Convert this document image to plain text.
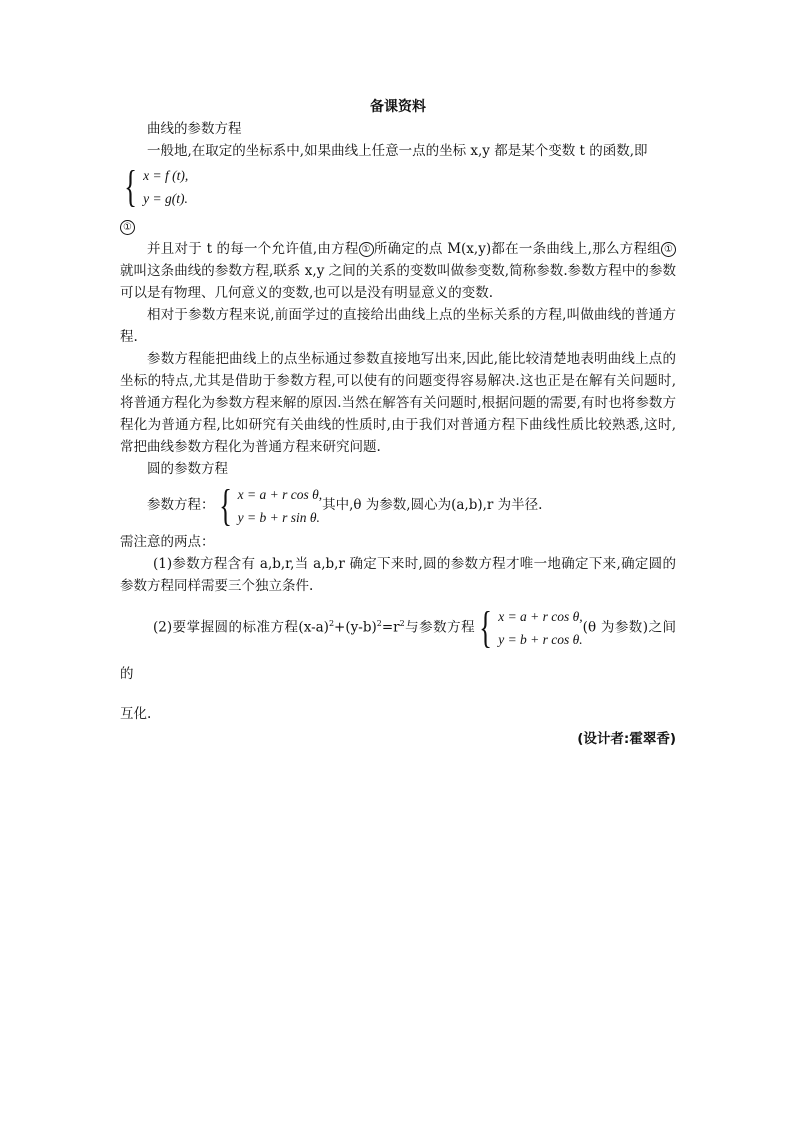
备课资料

曲线的参数方程

一般地,在取定的坐标系中,如果曲线上任意一点的坐标 x,y 都是某个变数 t 的函数,即

{ x = f (t),
y = g(t).

①

并且对于 t 的每一个允许值,由方程 ① 所确定的点 M(x,y)都在一条曲线上,那么方程组 ①就叫这条曲线的参数方程,联系 x,y 之间的关系的变数叫做参变数,简称参数.参数方程中的参数可以是有物理、几何意义的变数,也可以是没有明显意义的变数.

相对于参数方程来说,前面学过的直接给出曲线上点的坐标关系的方程,叫做曲线的普通方程.

参数方程能把曲线上的点坐标通过参数直接地写出来,因此,能比较清楚地表明曲线上点的坐标的特点,尤其是借助于参数方程,可以使有的问题变得容易解决.这也正是在解有关问题时,将普通方程化为参数方程来解的原因.当然在解答有关问题时,根据问题的需要,有时也将参数方程化为普通方程,比如研究有关曲线的性质时,由于我们对普通方程下曲线性质比较熟悉,这时,常把曲线参数方程化为普通方程来研究问题.

圆的参数方程

参数方程： { x = a + r cos θ,
y = b + r sin θ.
其中,θ 为参数,圆心为(a,b),r 为半径.

需注意的两点：

(1)参数方程含有 a,b,r,当 a,b,r 确定下来时,圆的参数方程才唯一地确定下来,确定圆的参数方程同样需要三个独立条件.

(2)要掌握圆的标准方程$(x-a)^2+(y-b)^2=r^2$与参数方程 { x = a + r cos θ,
y = b + r cos θ.
(θ 为参数)之间的

互化.

(设计者:霍翠香)
